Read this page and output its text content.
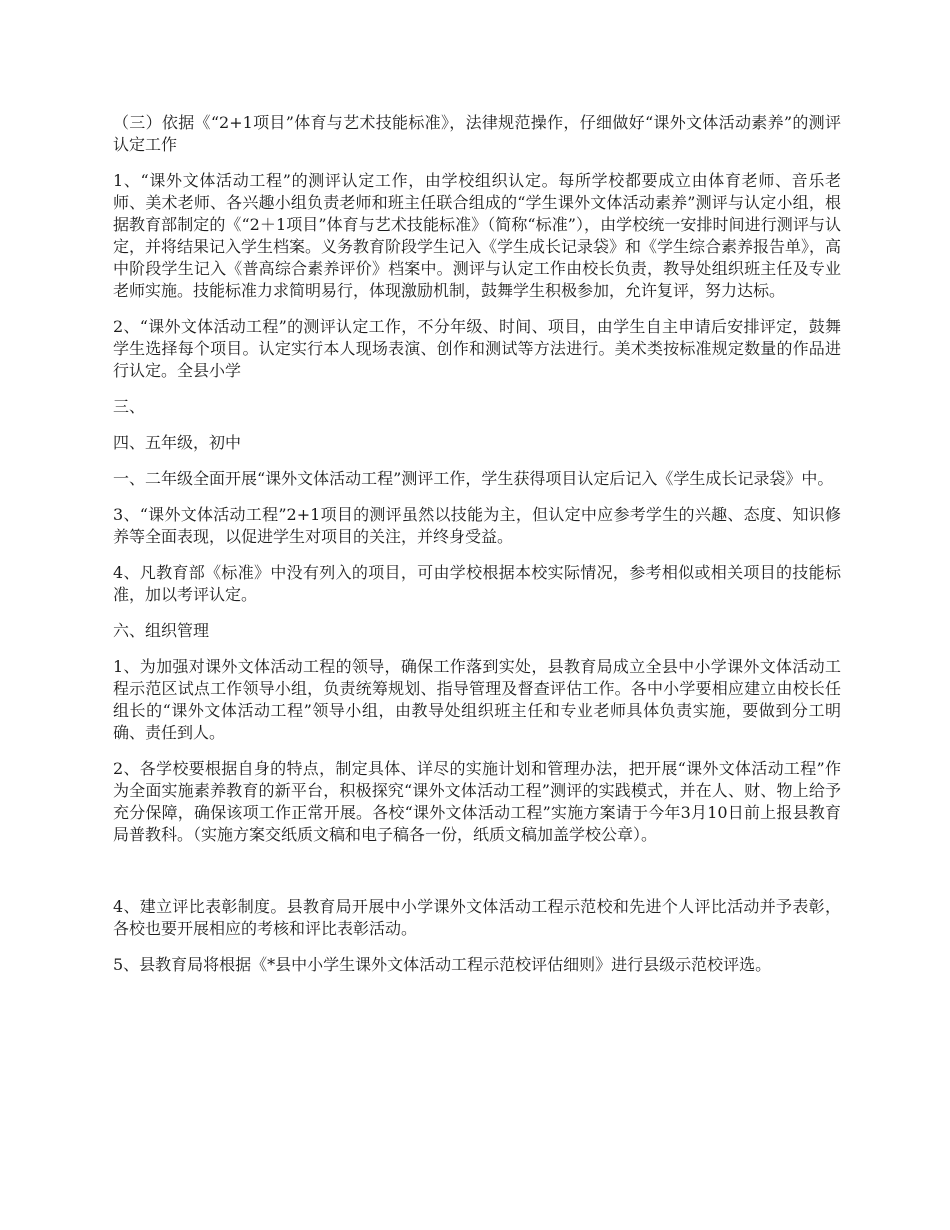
（三）依据《“2+1项目”体育与艺术技能标准》，法律规范操作，仔细做好“课外文体活动素养”的测评认定工作

1、“课外文体活动工程”的测评认定工作，由学校组织认定。每所学校都要成立由体育老师、音乐老师、美术老师、各兴趣小组负责老师和班主任联合组成的“学生课外文体活动素养”测评与认定小组，根据教育部制定的《“2＋1项目”体育与艺术技能标准》（简称“标准”），由学校统一安排时间进行测评与认定，并将结果记入学生档案。义务教育阶段学生记入《学生成长记录袋》和《学生综合素养报告单》，高中阶段学生记入《普高综合素养评价》档案中。测评与认定工作由校长负责，教导处组织班主任及专业老师实施。技能标准力求简明易行，体现激励机制，鼓舞学生积极参加，允许复评，努力达标。

2、“课外文体活动工程”的测评认定工作，不分年级、时间、项目，由学生自主申请后安排评定，鼓舞学生选择每个项目。认定实行本人现场表演、创作和测试等方法进行。美术类按标准规定数量的作品进行认定。全县小学

三、

四、五年级，初中

一、二年级全面开展“课外文体活动工程”测评工作，学生获得项目认定后记入《学生成长记录袋》中。

3、“课外文体活动工程”2+1项目的测评虽然以技能为主，但认定中应参考学生的兴趣、态度、知识修养等全面表现，以促进学生对项目的关注，并终身受益。

4、凡教育部《标准》中没有列入的项目，可由学校根据本校实际情况，参考相似或相关项目的技能标准，加以考评认定。

六、组织管理

1、为加强对课外文体活动工程的领导，确保工作落到实处，县教育局成立全县中小学课外文体活动工程示范区试点工作领导小组，负责统筹规划、指导管理及督查评估工作。各中小学要相应建立由校长任组长的“课外文体活动工程”领导小组，由教导处组织班主任和专业老师具体负责实施，要做到分工明确、责任到人。

2、各学校要根据自身的特点，制定具体、详尽的实施计划和管理办法，把开展“课外文体活动工程”作为全面实施素养教育的新平台，积极探究“课外文体活动工程”测评的实践模式，并在人、财、物上给予充分保障，确保该项工作正常开展。各校“课外文体活动工程”实施方案请于今年3月10日前上报县教育局普教科。（实施方案交纸质文稿和电子稿各一份，纸质文稿加盖学校公章）。

4、建立评比表彰制度。县教育局开展中小学课外文体活动工程示范校和先进个人评比活动并予表彰，各校也要开展相应的考核和评比表彰活动。

5、县教育局将根据《*县中小学生课外文体活动工程示范校评估细则》进行县级示范校评选。
